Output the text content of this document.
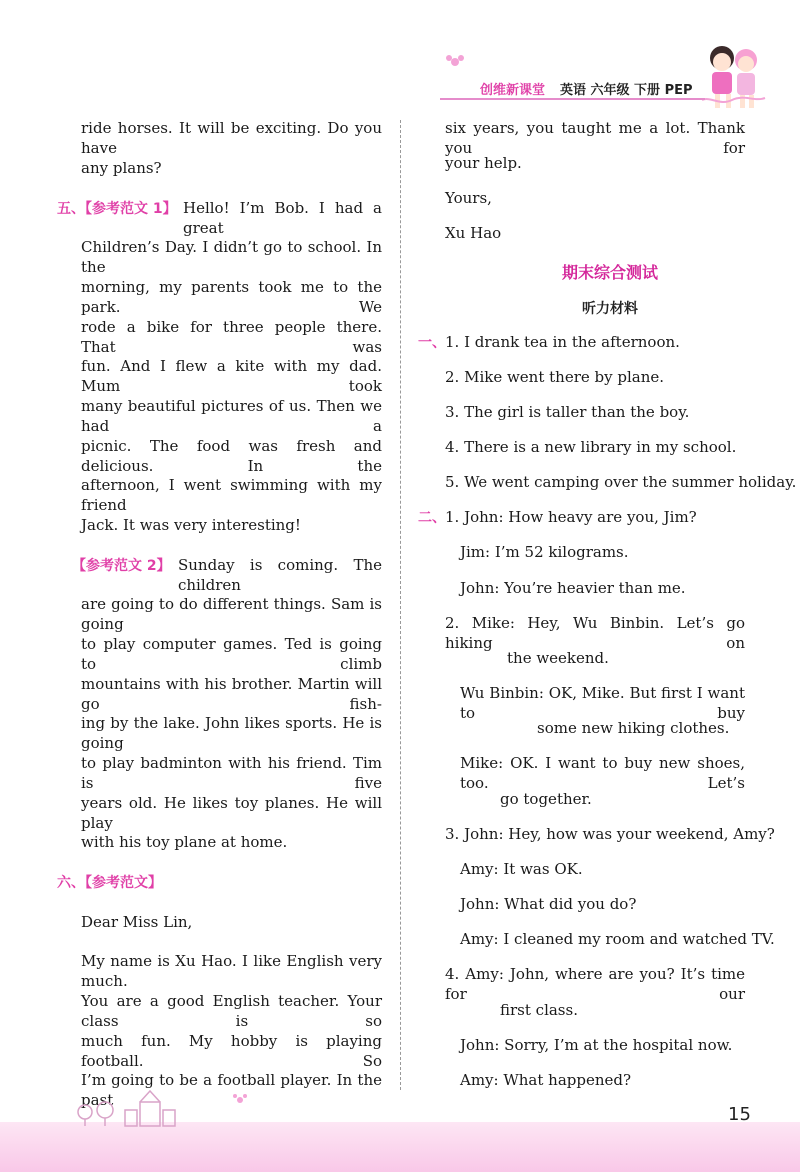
创维新课堂 英语 六年级 下册 PEP
ride horses. It will be exciting. Do you have
any plans?
五、【参考范文 1】 Hello! I’m Bob. I had a great
Children’s Day. I didn’t go to school. In the
morning, my parents took me to the park. We
rode a bike for three people there. That was
fun. And I flew a kite with my dad. Mum took
many beautiful pictures of us. Then we had a
picnic. The food was fresh and delicious. In the
afternoon, I went swimming with my friend
Jack. It was very interesting!
【参考范文 2】 Sunday is coming. The children
are going to do different things. Sam is going
to play computer games. Ted is going to climb
mountains with his brother. Martin will go fish-
ing by the lake. John likes sports. He is going
to play badminton with his friend. Tim is five
years old. He likes toy planes. He will play
with his toy plane at home.
六、【参考范文】
Dear Miss Lin,
My name is Xu Hao. I like English very much.
You are a good English teacher. Your class is so
much fun. My hobby is playing football. So
I’m going to be a football player. In the past
six years, you taught me a lot. Thank you for
your help.
Yours,
Xu Hao
期末综合测试
听力材料
一、 1. I drank tea in the afternoon.
2. Mike went there by plane.
3. The girl is taller than the boy.
4. There is a new library in my school.
5. We went camping over the summer holiday.
二、 1. John: How heavy are you, Jim?
Jim: I’m 52 kilograms.
John: You’re heavier than me.
2. Mike: Hey, Wu Binbin. Let’s go hiking on
the weekend.
Wu Binbin: OK, Mike. But first I want to buy
some new hiking clothes.
Mike: OK. I want to buy new shoes, too. Let’s
go together.
3. John: Hey, how was your weekend, Amy?
Amy: It was OK.
John: What did you do?
Amy: I cleaned my room and watched TV.
4. Amy: John, where are you? It’s time for our
first class.
John: Sorry, I’m at the hospital now.
Amy: What happened?
15
